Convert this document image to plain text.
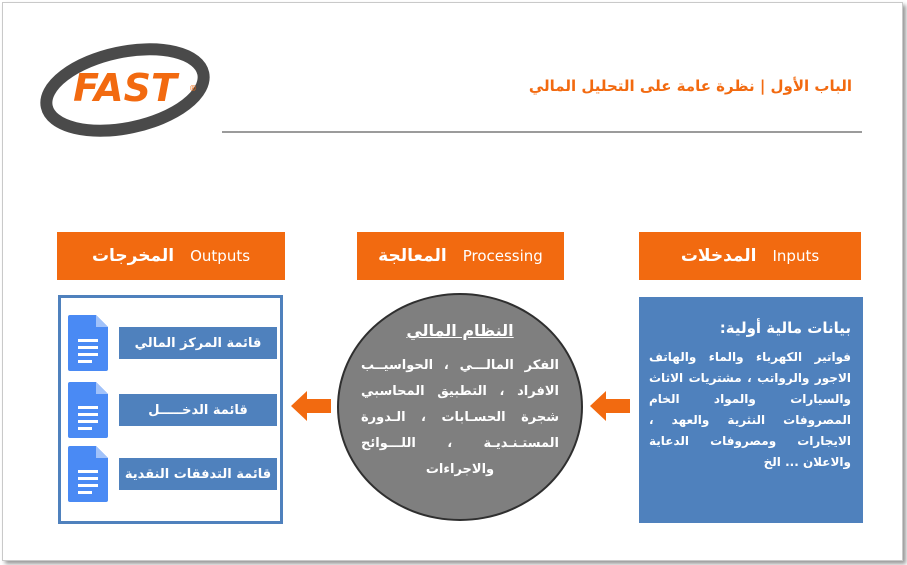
FAST	®	الباب الأول | نظرة عامة على التحليل المالي
المخرجات Outputs	المعالجة Processing	المدخلات Inputs
قائمة المركز المالي
قائمة الدخـــــل
قائمة التدفقات النقدية
النظام المالي
الفكر المالـــي ، الحواسيــب الافراد ، التطبيق المحاسبي شجرة الحسـابات ، الـدورة المستـنـديـة ، اللـــوائح والاجراءات
بيانات مالية أولية:
فواتير الكهرباء والماء والهاتف الاجور والرواتب ، مشتريات الاثاث والسيارات والمواد الخام المصروفات النثرية والعهد ، الايجارات ومصروفات الدعاية والاعلان ... الخ
